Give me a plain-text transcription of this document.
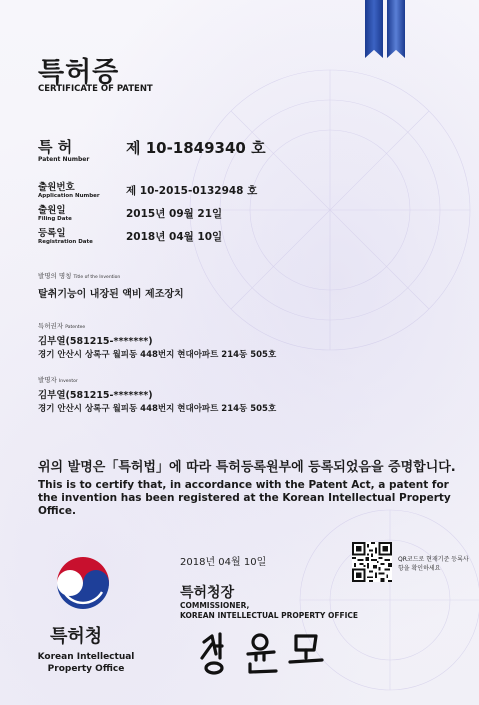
특허증
CERTIFICATE OF PATENT
특 허
Patent Number
제 10-1849340 호
출원번호
Application Number	제 10-2015-0132948 호
출원일
Filing Date	2015년 09월 21일
등록일
Registration Date	2018년 04월 10일
발명의 명칭 Title of the Invention
탈취기능이 내장된 액비 제조장치
특허권자 Patentee
김부열(581215-*******)
경기 안산시 상록구 월피동 448번지 현대아파트 214동 505호
발명자 Inventor
김부열(581215-*******)
경기 안산시 상록구 월피동 448번지 현대아파트 214동 505호
위의 발명은「특허법」에 따라 특허등록원부에 등록되었음을 증명합니다.
This is to certify that, in accordance with the Patent Act, a patent for the invention has been registered at the Korean Intellectual Property Office.
특허청
Korean Intellectual
Property Office
2018년 04월 10일
특허청장
COMMISSIONER,
KOREAN INTELLECTUAL PROPERTY OFFICE
QR코드로 현재기준 등록사항을 확인하세요
